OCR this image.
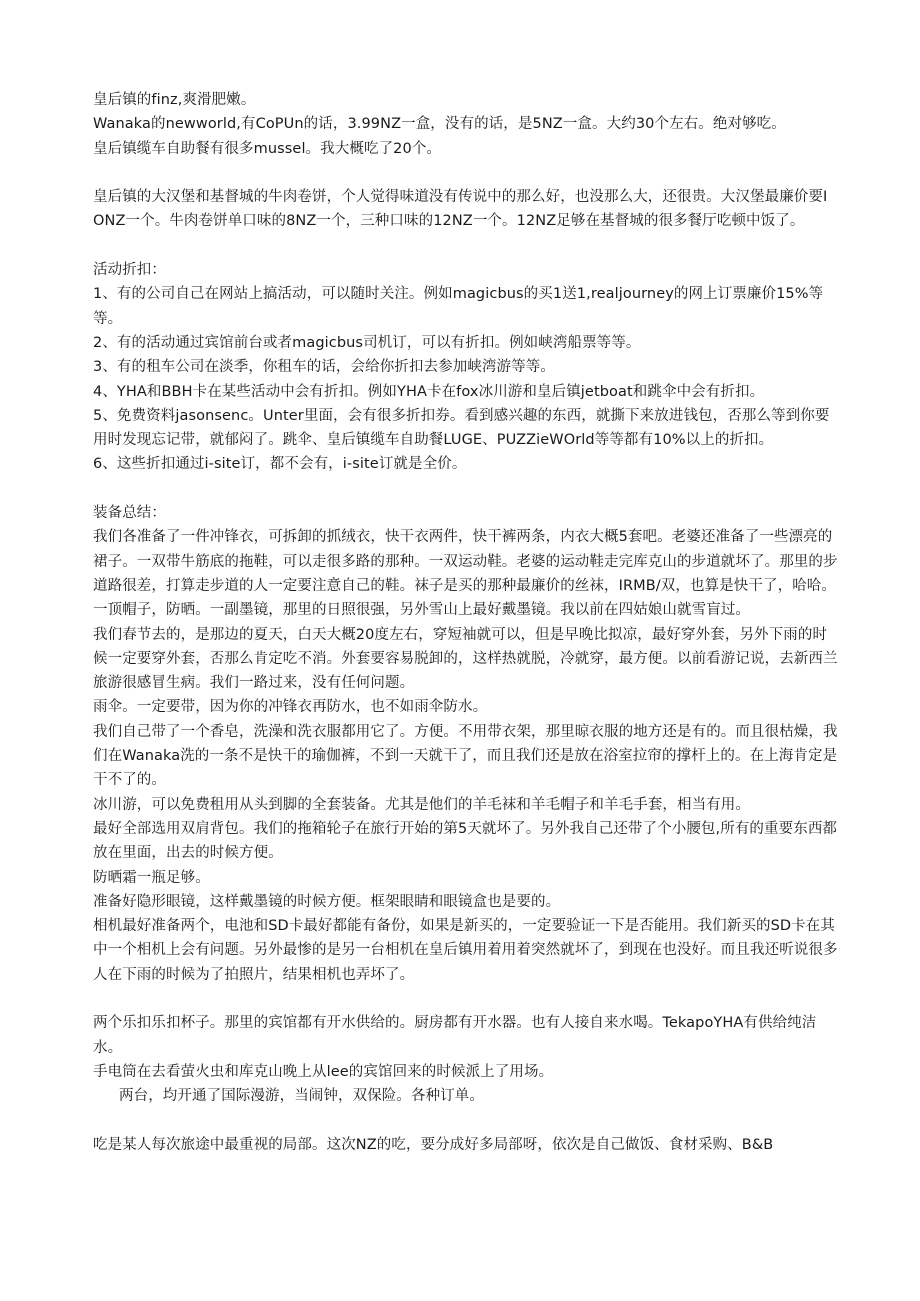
皇后镇的finz,爽滑肥嫩。

Wanaka的newworld,有CoPUn的话，3.99NZ一盒，没有的话，是5NZ一盒。大约30个左右。绝对够吃。

皇后镇缆车自助餐有很多mussel。我大概吃了20个。

皇后镇的大汉堡和基督城的牛肉卷饼，个人觉得味道没有传说中的那么好，也没那么大，还很贵。大汉堡最廉价要IONZ一个。牛肉卷饼单口味的8NZ一个，三种口味的12NZ一个。12NZ足够在基督城的很多餐厅吃顿中饭了。

活动折扣：

1、有的公司自己在网站上搞活动，可以随时关注。例如magicbus的买1送1,realjourney的网上订票廉价15%等等。

2、有的活动通过宾馆前台或者magicbus司机订，可以有折扣。例如峡湾船票等等。

3、有的租车公司在淡季，你租车的话，会给你折扣去参加峡湾游等等。

4、YHA和BBH卡在某些活动中会有折扣。例如YHA卡在fox冰川游和皇后镇jetboat和跳伞中会有折扣。

5、免费资料jasonsenc。Unter里面，会有很多折扣券。看到感兴趣的东西，就撕下来放进钱包，否那么等到你要用时发现忘记带，就郁闷了。跳伞、皇后镇缆车自助餐LUGE、PUZZieWOrld等等都有10%以上的折扣。

6、这些折扣通过i-site订，都不会有，i-site订就是全价。

装备总结：

我们各准备了一件冲锋衣，可拆卸的抓绒衣，快干衣两件，快干裤两条，内衣大概5套吧。老婆还准备了一些漂亮的裙子。一双带牛筋底的拖鞋，可以走很多路的那种。一双运动鞋。老婆的运动鞋走完库克山的步道就坏了。那里的步道路很差，打算走步道的人一定要注意自己的鞋。袜子是买的那种最廉价的丝袜，IRMB/双，也算是快干了，哈哈。一顶帽子，防晒。一副墨镜，那里的日照很强，另外雪山上最好戴墨镜。我以前在四姑娘山就雪盲过。

我们春节去的，是那边的夏天，白天大概20度左右，穿短袖就可以，但是早晚比拟凉，最好穿外套，另外下雨的时候一定要穿外套，否那么肯定吃不消。外套要容易脱卸的，这样热就脱，冷就穿，最方便。以前看游记说，去新西兰旅游很感冒生病。我们一路过来，没有任何问题。

雨伞。一定要带，因为你的冲锋衣再防水，也不如雨伞防水。

我们自己带了一个香皂，洗澡和洗衣服都用它了。方便。不用带衣架，那里晾衣服的地方还是有的。而且很枯燥，我们在Wanaka洗的一条不是快干的瑜伽裤，不到一天就干了，而且我们还是放在浴室拉帘的撑杆上的。在上海肯定是干不了的。

冰川游，可以免费租用从头到脚的全套装备。尤其是他们的羊毛袜和羊毛帽子和羊毛手套，相当有用。

最好全部选用双肩背包。我们的拖箱轮子在旅行开始的第5天就坏了。另外我自己还带了个小腰包,所有的重要东西都放在里面，出去的时候方便。

防晒霜一瓶足够。

准备好隐形眼镜，这样戴墨镜的时候方便。框架眼睛和眼镜盒也是要的。

相机最好准备两个，电池和SD卡最好都能有备份，如果是新买的，一定要验证一下是否能用。我们新买的SD卡在其中一个相机上会有问题。另外最惨的是另一台相机在皇后镇用着用着突然就坏了，到现在也没好。而且我还听说很多人在下雨的时候为了拍照片，结果相机也弄坏了。

两个乐扣乐扣杯子。那里的宾馆都有开水供给的。厨房都有开水器。也有人接自来水喝。TekapoYHA有供给纯洁水。

手电筒在去看萤火虫和库克山晚上从lee的宾馆回来的时候派上了用场。

两台，均开通了国际漫游，当闹钟，双保险。各种订单。

吃是某人每次旅途中最重视的局部。这次NZ的吃，要分成好多局部呀，依次是自己做饭、食材采购、B&B
